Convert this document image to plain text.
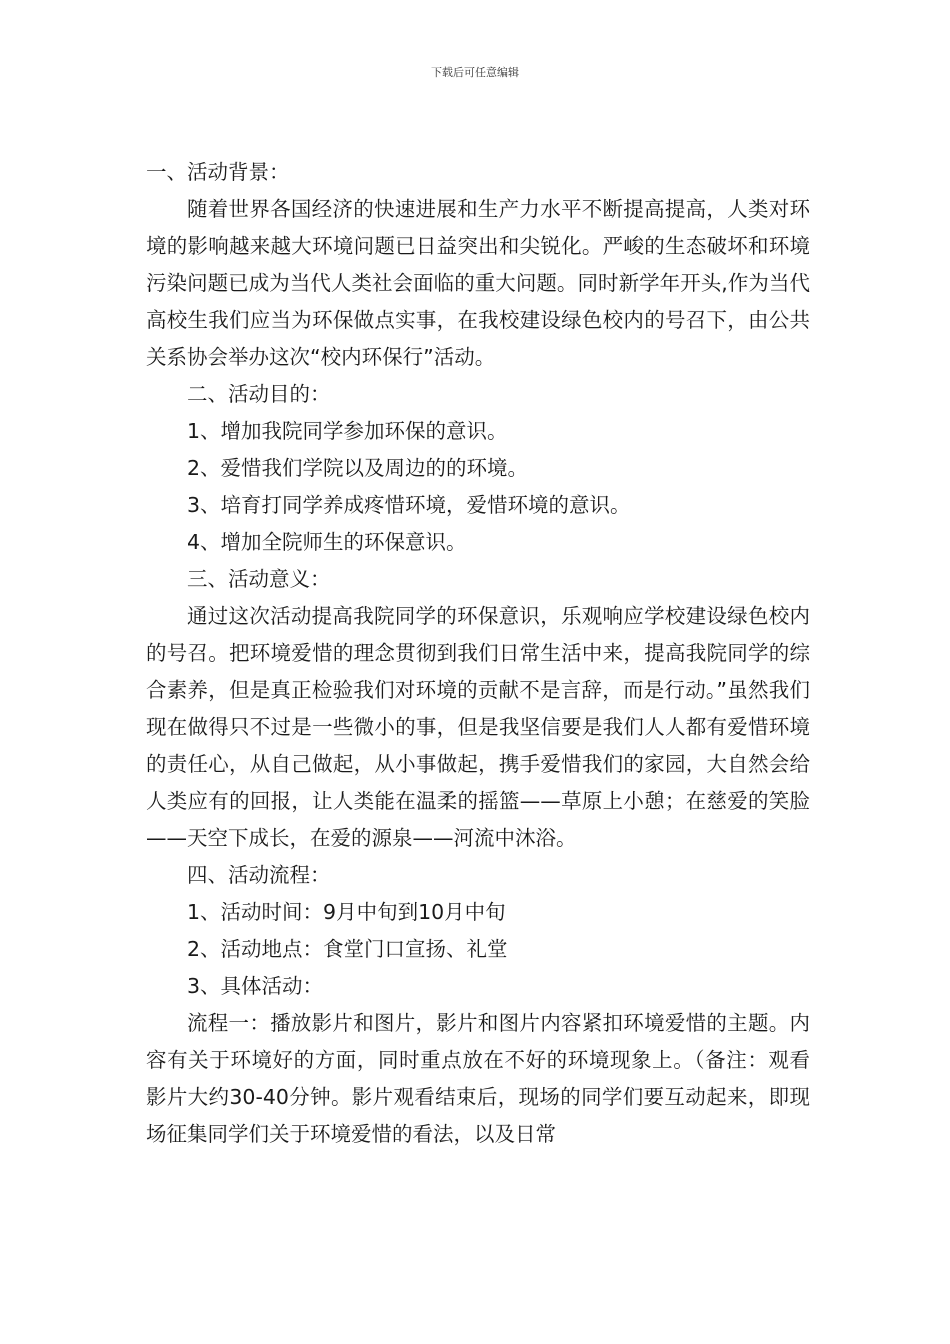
下载后可任意编辑

一、活动背景：

随着世界各国经济的快速进展和生产力水平不断提高提高，人类对环境的影响越来越大环境问题已日益突出和尖锐化。严峻的生态破坏和环境污染问题已成为当代人类社会面临的重大问题。同时新学年开头,作为当代高校生我们应当为环保做点实事，在我校建设绿色校内的号召下，由公共关系协会举办这次“校内环保行”活动。

二、活动目的：

1、增加我院同学参加环保的意识。

2、爱惜我们学院以及周边的的环境。

3、培育打同学养成疼惜环境，爱惜环境的意识。

4、增加全院师生的环保意识。

三、活动意义：

通过这次活动提高我院同学的环保意识，乐观响应学校建设绿色校内的号召。把环境爱惜的理念贯彻到我们日常生活中来，提高我院同学的综合素养，但是真正检验我们对环境的贡献不是言辞，而是行动。”虽然我们现在做得只不过是一些微小的事，但是我坚信要是我们人人都有爱惜环境的责任心，从自己做起，从小事做起，携手爱惜我们的家园，大自然会给人类应有的回报，让人类能在温柔的摇篮——草原上小憩；在慈爱的笑脸——天空下成长，在爱的源泉——河流中沐浴。

四、活动流程：

1、活动时间：9月中旬到10月中旬

2、活动地点：食堂门口宣扬、礼堂

3、具体活动：

流程一：播放影片和图片，影片和图片内容紧扣环境爱惜的主题。内容有关于环境好的方面，同时重点放在不好的环境现象上。（备注：观看影片大约30-40分钟。影片观看结束后，现场的同学们要互动起来，即现场征集同学们关于环境爱惜的看法，以及日常
